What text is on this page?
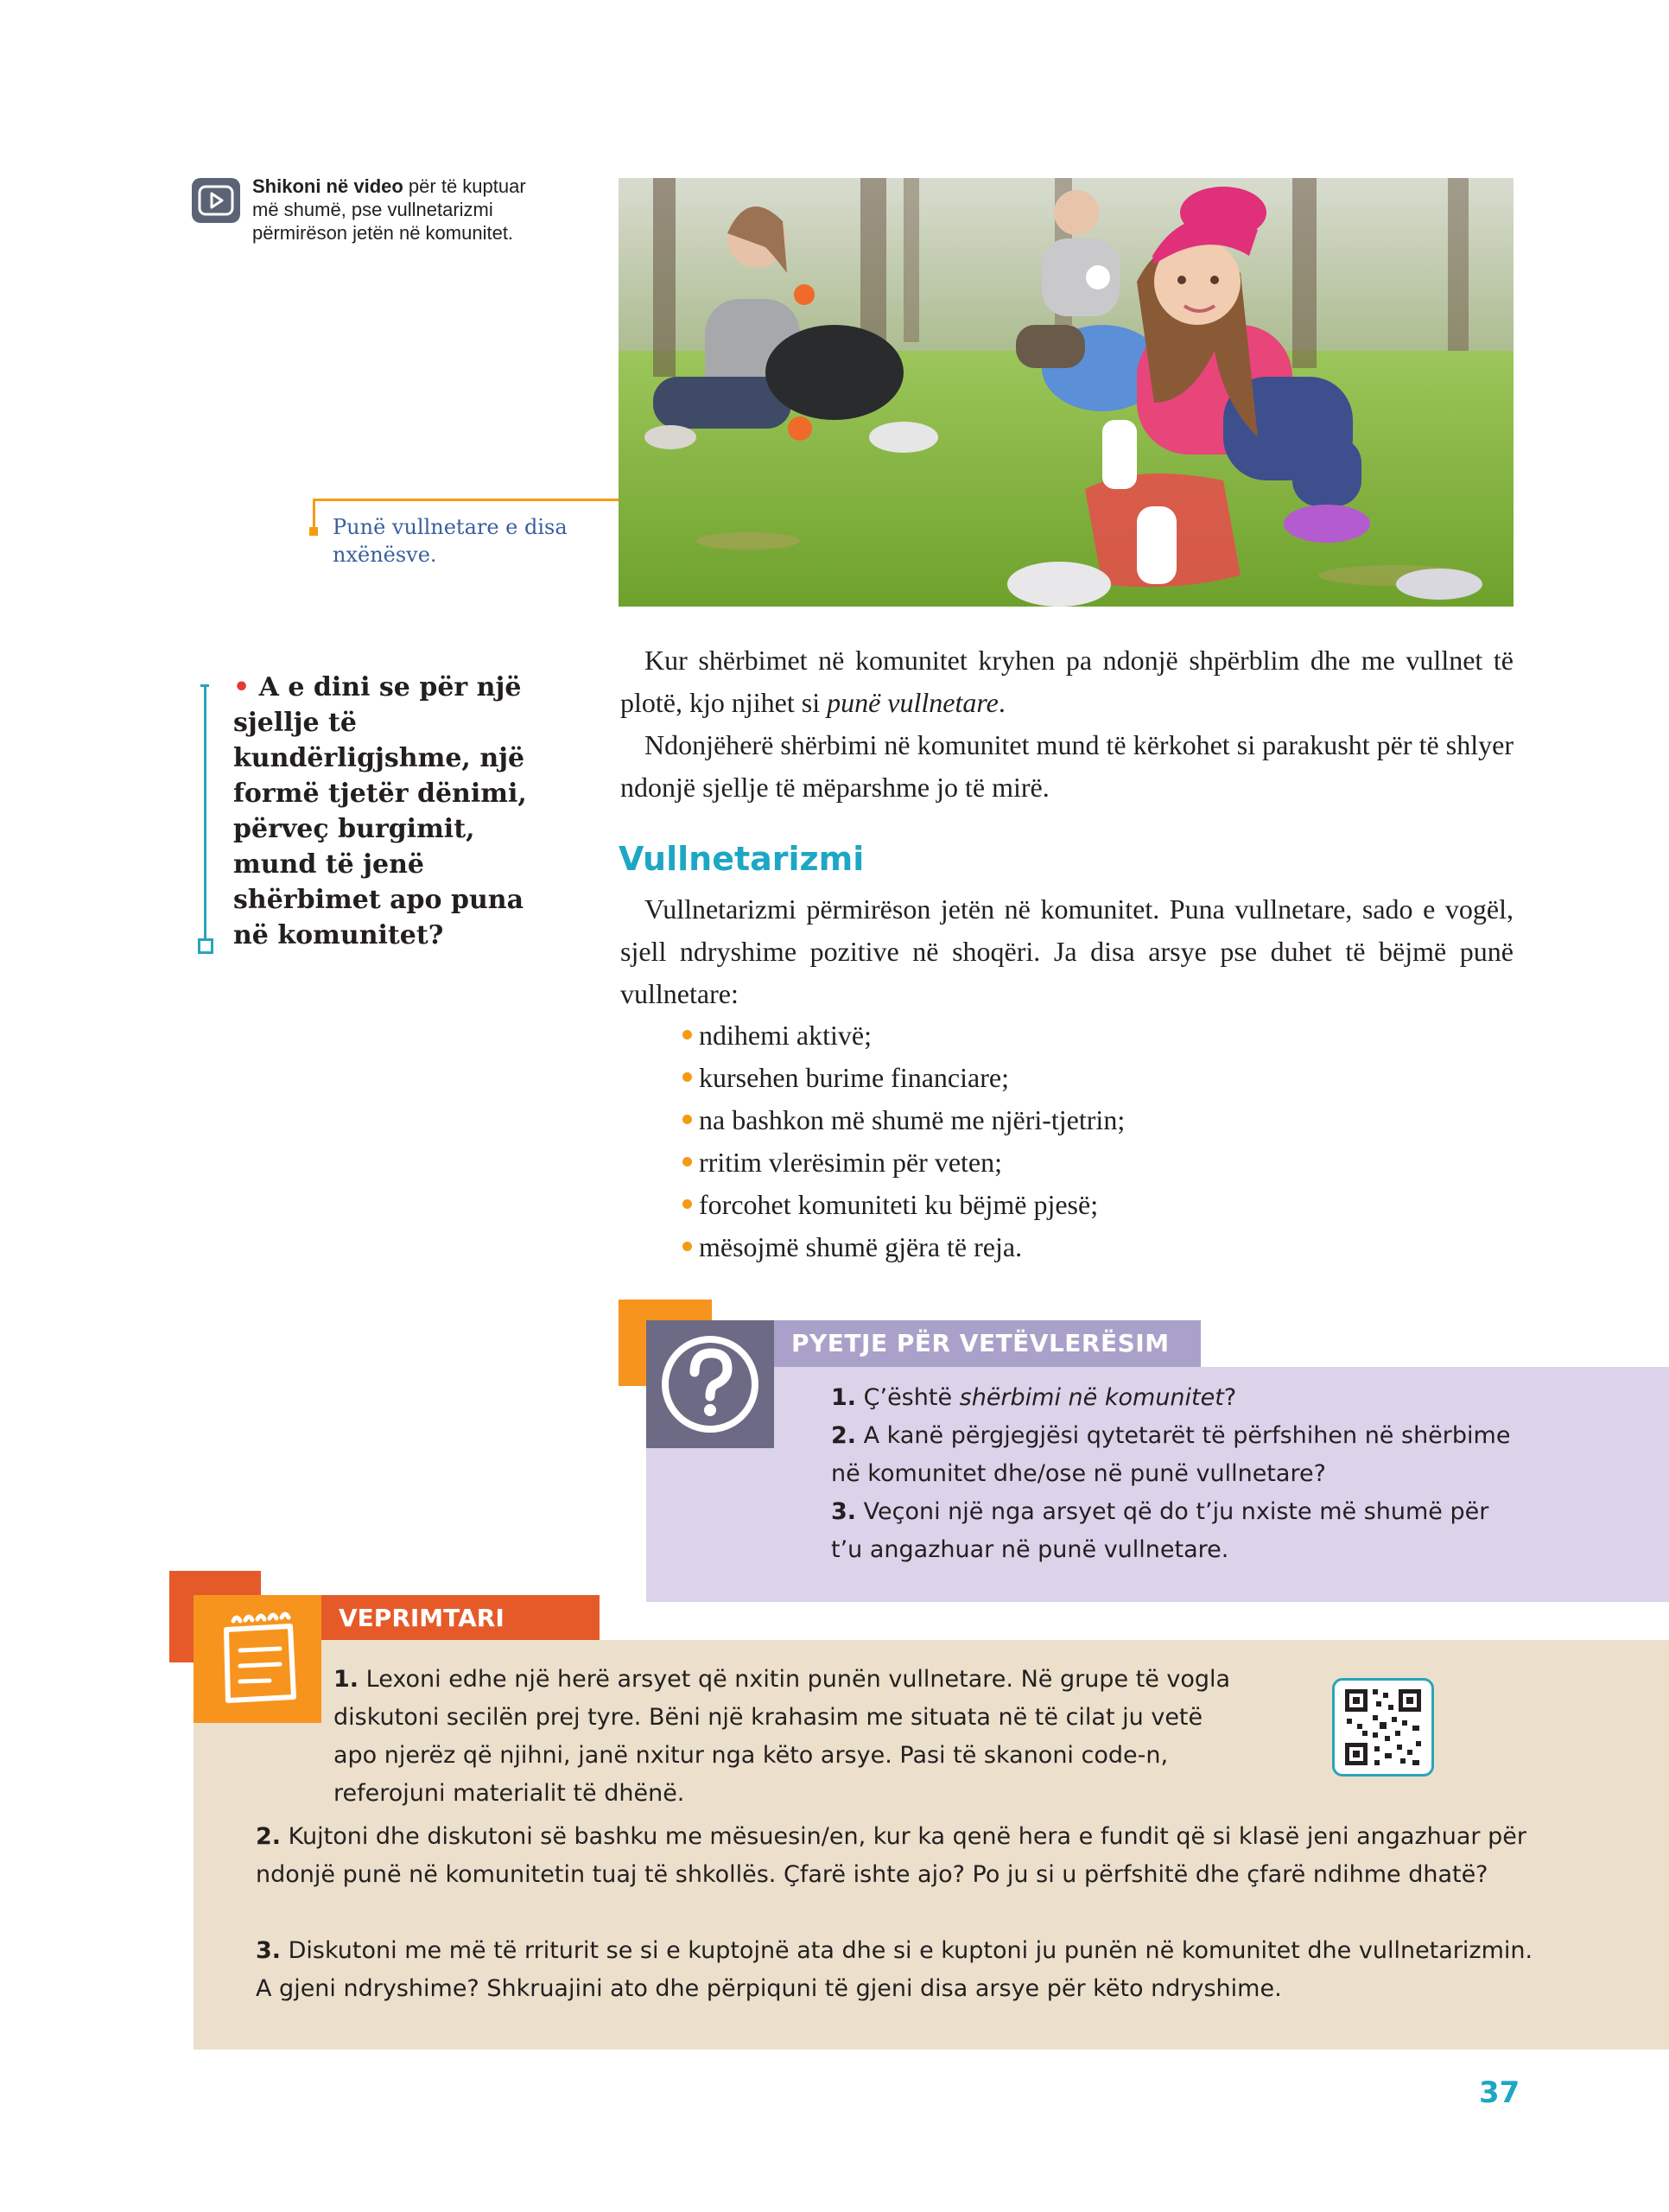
Shikoni në video për të kuptuar më shumë, pse vullnetarizmi përmirëson jetën në komunitet.
Punë vullnetare e disa nxënësve.
• A e dini se për një sjellje të kundërligjshme, një formë tjetër dënimi, përveç burgimit, mund të jenë shërbimet apo puna në komunitet?
Kur shërbimet në komunitet kryhen pa ndonjë shpërblim dhe me vullnet të plotë, kjo njihet si punë vullnetare.
Ndonjëherë shërbimi në komunitet mund të kërkohet si parakusht për të shlyer ndonjë sjellje të mëparshme jo të mirë.
Vullnetarizmi
Vullnetarizmi përmirëson jetën në komunitet. Puna vullnetare, sado e vogël, sjell ndryshime pozitive në shoqëri. Ja disa arsye pse duhet të bëjmë punë vullnetare:
ndihemi aktivë;
kursehen burime financiare;
na bashkon më shumë me njëri-tjetrin;
rritim vlerësimin për veten;
forcohet komuniteti ku bëjmë pjesë;
mësojmë shumë gjëra të reja.
PYETJE PËR VETËVLERËSIM
1. Ç’është shërbimi në komunitet?
2. A kanë përgjegjësi qytetarët të përfshihen në shërbime në komunitet dhe/ose në punë vullnetare?
3. Veçoni një nga arsyet që do t’ju nxiste më shumë për t’u angazhuar në punë vullnetare.
VEPRIMTARI
1. Lexoni edhe një herë arsyet që nxitin punën vullnetare. Në grupe të vogla diskutoni secilën prej tyre. Bëni një krahasim me situata në të cilat ju vetë apo njerëz që njihni, janë nxitur nga këto arsye. Pasi të skanoni code-n, referojuni materialit të dhënë.
2. Kujtoni dhe diskutoni së bashku me mësuesin/en, kur ka qenë hera e fundit që si klasë jeni angazhuar për ndonjë punë në komunitetin tuaj të shkollës. Çfarë ishte ajo? Po ju si u përfshitë dhe çfarë ndihme dhatë?
3. Diskutoni me më të rriturit se si e kuptojnë ata dhe si e kuptoni ju punën në komunitet dhe vullnetarizmin. A gjeni ndryshime? Shkruajini ato dhe përpiquni të gjeni disa arsye për këto ndryshime.
37
